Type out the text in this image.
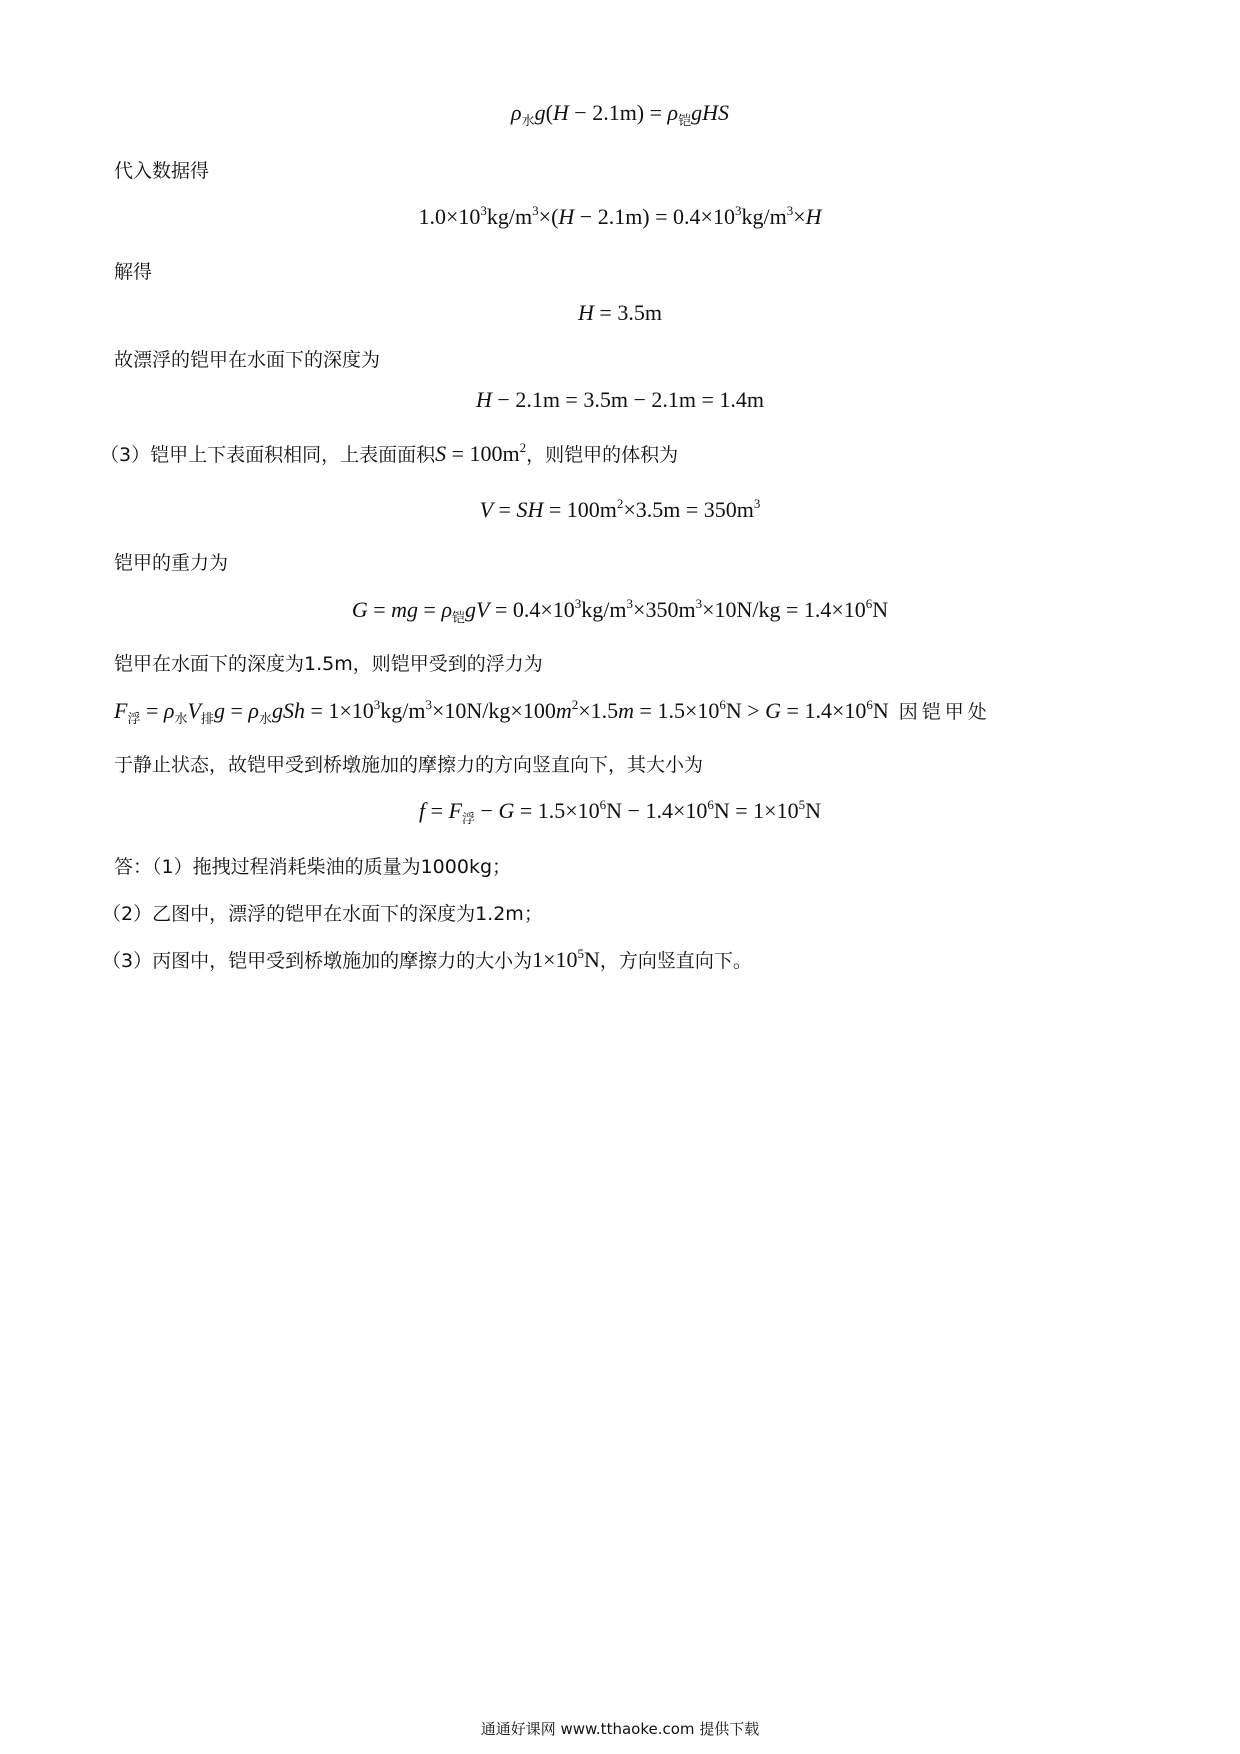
$\rho_水g(H - 2.1m) = \rho_铠gHS$
代入数据得
$1.0\times 10^3kg/m^3\times(H - 2.1m) = 0.4\times 10^3kg/m^3\times H$
解得
H = 3.5m
故漂浮的铠甲在水面下的深度为
H − 2.1m = 3.5m − 2.1m = 1.4m
（3）铠甲上下表面积相同，上表面面积$S = 100m^2$，则铠甲的体积为
V = SH = $100m^2\times 3.5m = 350m^3$
铠甲的重力为
G = mg = $\rho_铠gV = 0.4\times 10^3kg/m^3\times 350m^3\times 10N/kg = 1.4\times 10^6N$
铠甲在水面下的深度为1.5m，则铠甲受到的浮力为
$F_浮 = \rho_水V_排g = \rho_水gSh = 1\times 10^3kg/m^3\times 10N/kg\times 100m^2\times 1.5m = 1.5\times 10^6N > G = 1.4\times 10^6N$ 因铠甲处
于静止状态，故铠甲受到桥墩施加的摩擦力的方向竖直向下，其大小为
$f = F_浮 - G = 1.5\times 10^6N - 1.4\times 10^6N = 1\times 10^5N$
答：（1）拖拽过程消耗柴油的质量为1000kg；
（2）乙图中，漂浮的铠甲在水面下的深度为1.2m；
（3）丙图中，铠甲受到桥墩施加的摩擦力的大小为$1\times 10^5N$，方向竖直向下。
通通好课网 www.tthaoke.com 提供下载
